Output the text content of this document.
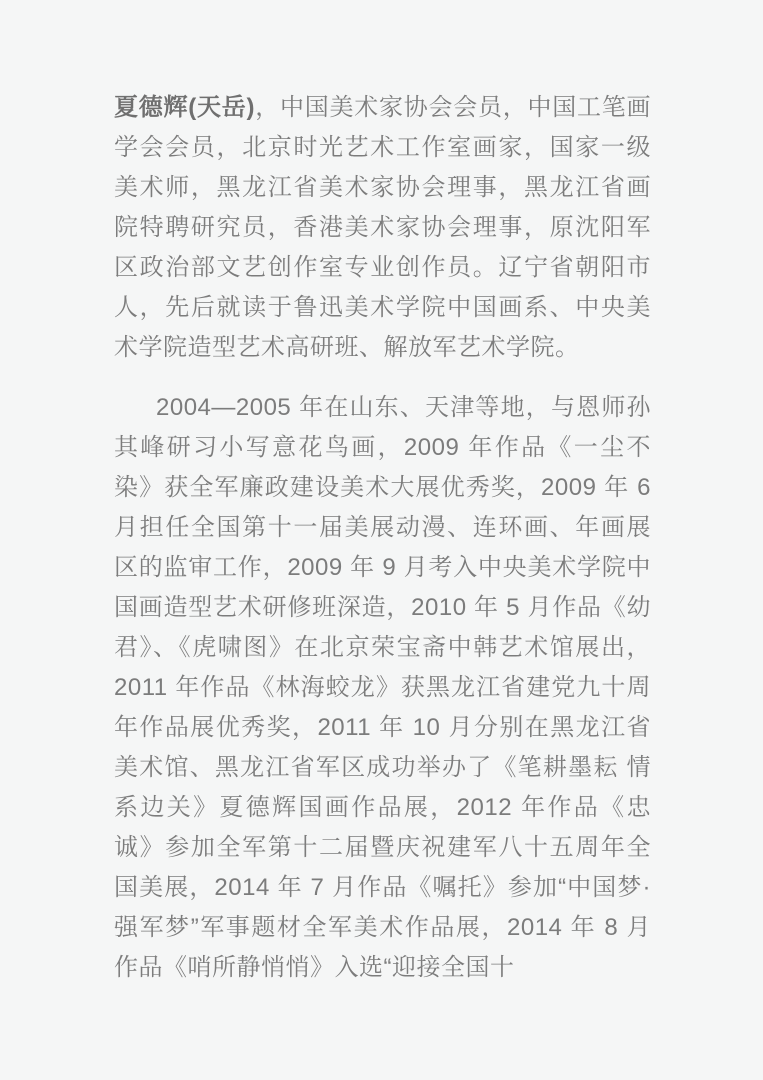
夏德辉(天岳)，中国美术家协会会员，中国工笔画学会会员，北京时光艺术工作室画家，国家一级美术师，黑龙江省美术家协会理事，黑龙江省画院特聘研究员，香港美术家协会理事，原沈阳军区政治部文艺创作室专业创作员。辽宁省朝阳市人，先后就读于鲁迅美术学院中国画系、中央美术学院造型艺术高研班、解放军艺术学院。

2004—2005 年在山东、天津等地，与恩师孙其峰研习小写意花鸟画，2009 年作品《一尘不染》获全军廉政建设美术大展优秀奖，2009 年 6 月担任全国第十一届美展动漫、连环画、年画展区的监审工作，2009 年 9 月考入中央美术学院中国画造型艺术研修班深造，2010 年 5 月作品《幼君》、《虎啸图》在北京荣宝斋中韩艺术馆展出，2011 年作品《林海蛟龙》获黑龙江省建党九十周年作品展优秀奖，2011 年 10 月分别在黑龙江省美术馆、黑龙江省军区成功举办了《笔耕墨耘 情系边关》夏德辉国画作品展，2012 年作品《忠诚》参加全军第十二届暨庆祝建军八十五周年全国美展，2014 年 7 月作品《嘱托》参加“中国梦·强军梦”军事题材全军美术作品展，2014 年 8 月作品《哨所静悄悄》入选“迎接全国十
